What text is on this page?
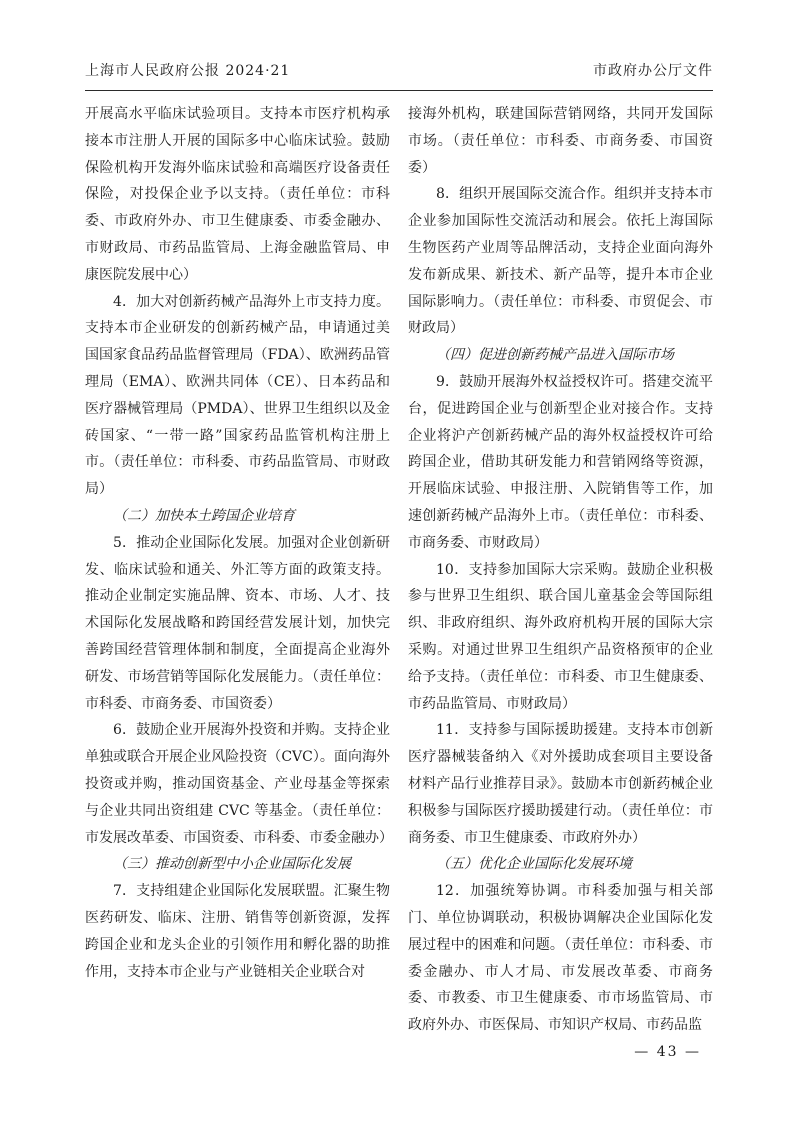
上海市人民政府公报 2024·21	市政府办公厅文件

开展高水平临床试验项目。支持本市医疗机构承接本市注册人开展的国际多中心临床试验。鼓励保险机构开发海外临床试验和高端医疗设备责任保险，对投保企业予以支持。（责任单位：市科委、市政府外办、市卫生健康委、市委金融办、市财政局、市药品监管局、上海金融监管局、申康医院发展中心）

4．加大对创新药械产品海外上市支持力度。支持本市企业研发的创新药械产品，申请通过美国国家食品药品监督管理局（FDA）、欧洲药品管理局（EMA）、欧洲共同体（CE）、日本药品和医疗器械管理局（PMDA）、世界卫生组织以及金砖国家、“一带一路”国家药品监管机构注册上市。（责任单位：市科委、市药品监管局、市财政局）

（二）加快本土跨国企业培育

5．推动企业国际化发展。加强对企业创新研发、临床试验和通关、外汇等方面的政策支持。推动企业制定实施品牌、资本、市场、人才、技术国际化发展战略和跨国经营发展计划，加快完善跨国经营管理体制和制度，全面提高企业海外研发、市场营销等国际化发展能力。（责任单位：市科委、市商务委、市国资委）

6．鼓励企业开展海外投资和并购。支持企业单独或联合开展企业风险投资（CVC）。面向海外投资或并购，推动国资基金、产业母基金等探索与企业共同出资组建 CVC 等基金。（责任单位：市发展改革委、市国资委、市科委、市委金融办）

（三）推动创新型中小企业国际化发展

7．支持组建企业国际化发展联盟。汇聚生物医药研发、临床、注册、销售等创新资源，发挥跨国企业和龙头企业的引领作用和孵化器的助推作用，支持本市企业与产业链相关企业联合对

接海外机构，联建国际营销网络，共同开发国际市场。（责任单位：市科委、市商务委、市国资委）

8．组织开展国际交流合作。组织并支持本市企业参加国际性交流活动和展会。依托上海国际生物医药产业周等品牌活动，支持企业面向海外发布新成果、新技术、新产品等，提升本市企业国际影响力。（责任单位：市科委、市贸促会、市财政局）

（四）促进创新药械产品进入国际市场

9．鼓励开展海外权益授权许可。搭建交流平台，促进跨国企业与创新型企业对接合作。支持企业将沪产创新药械产品的海外权益授权许可给跨国企业，借助其研发能力和营销网络等资源，开展临床试验、申报注册、入院销售等工作，加速创新药械产品海外上市。（责任单位：市科委、市商务委、市财政局）

10．支持参加国际大宗采购。鼓励企业积极参与世界卫生组织、联合国儿童基金会等国际组织、非政府组织、海外政府机构开展的国际大宗采购。对通过世界卫生组织产品资格预审的企业给予支持。（责任单位：市科委、市卫生健康委、市药品监管局、市财政局）

11．支持参与国际援助援建。支持本市创新医疗器械装备纳入《对外援助成套项目主要设备材料产品行业推荐目录》。鼓励本市创新药械企业积极参与国际医疗援助援建行动。（责任单位：市商务委、市卫生健康委、市政府外办）

（五）优化企业国际化发展环境

12．加强统筹协调。市科委加强与相关部门、单位协调联动，积极协调解决企业国际化发展过程中的困难和问题。（责任单位：市科委、市委金融办、市人才局、市发展改革委、市商务委、市教委、市卫生健康委、市市场监管局、市政府外办、市医保局、市知识产权局、市药品监

— 43 —
